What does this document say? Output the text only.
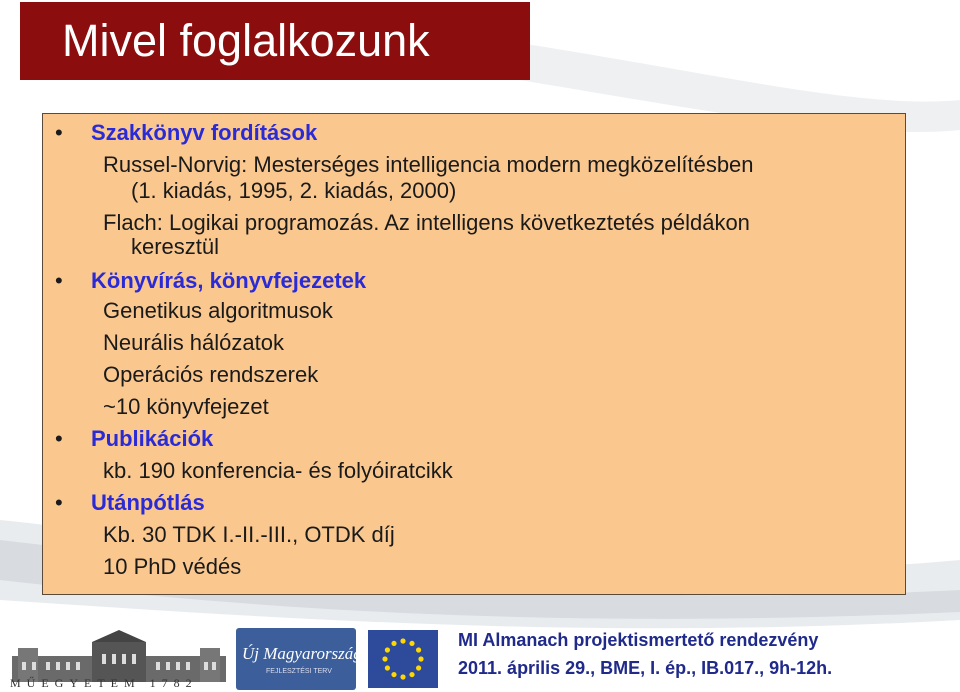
Mivel foglalkozunk
• Szakkönyv fordítások
Russel-Norvig: Mesterséges intelligencia modern megközelítésben
(1. kiadás, 1995, 2. kiadás, 2000)
Flach: Logikai programozás. Az intelligens következtetés példákon
keresztül
• Könyvírás, könyvfejezetek
Genetikus algoritmusok
Neurális hálózatok
Operációs rendszerek
~10 könyvfejezet
• Publikációk
kb. 190 konferencia- és folyóiratcikk
• Utánpótlás
Kb. 30 TDK I.-II.-III., OTDK díj
10 PhD védés
MŰEGYETEM 1782
Új Magyarország
FEJLESZTÉSI TERV
MI Almanach projektismertető rendezvény
2011. április 29., BME, I. ép., IB.017., 9h-12h.
